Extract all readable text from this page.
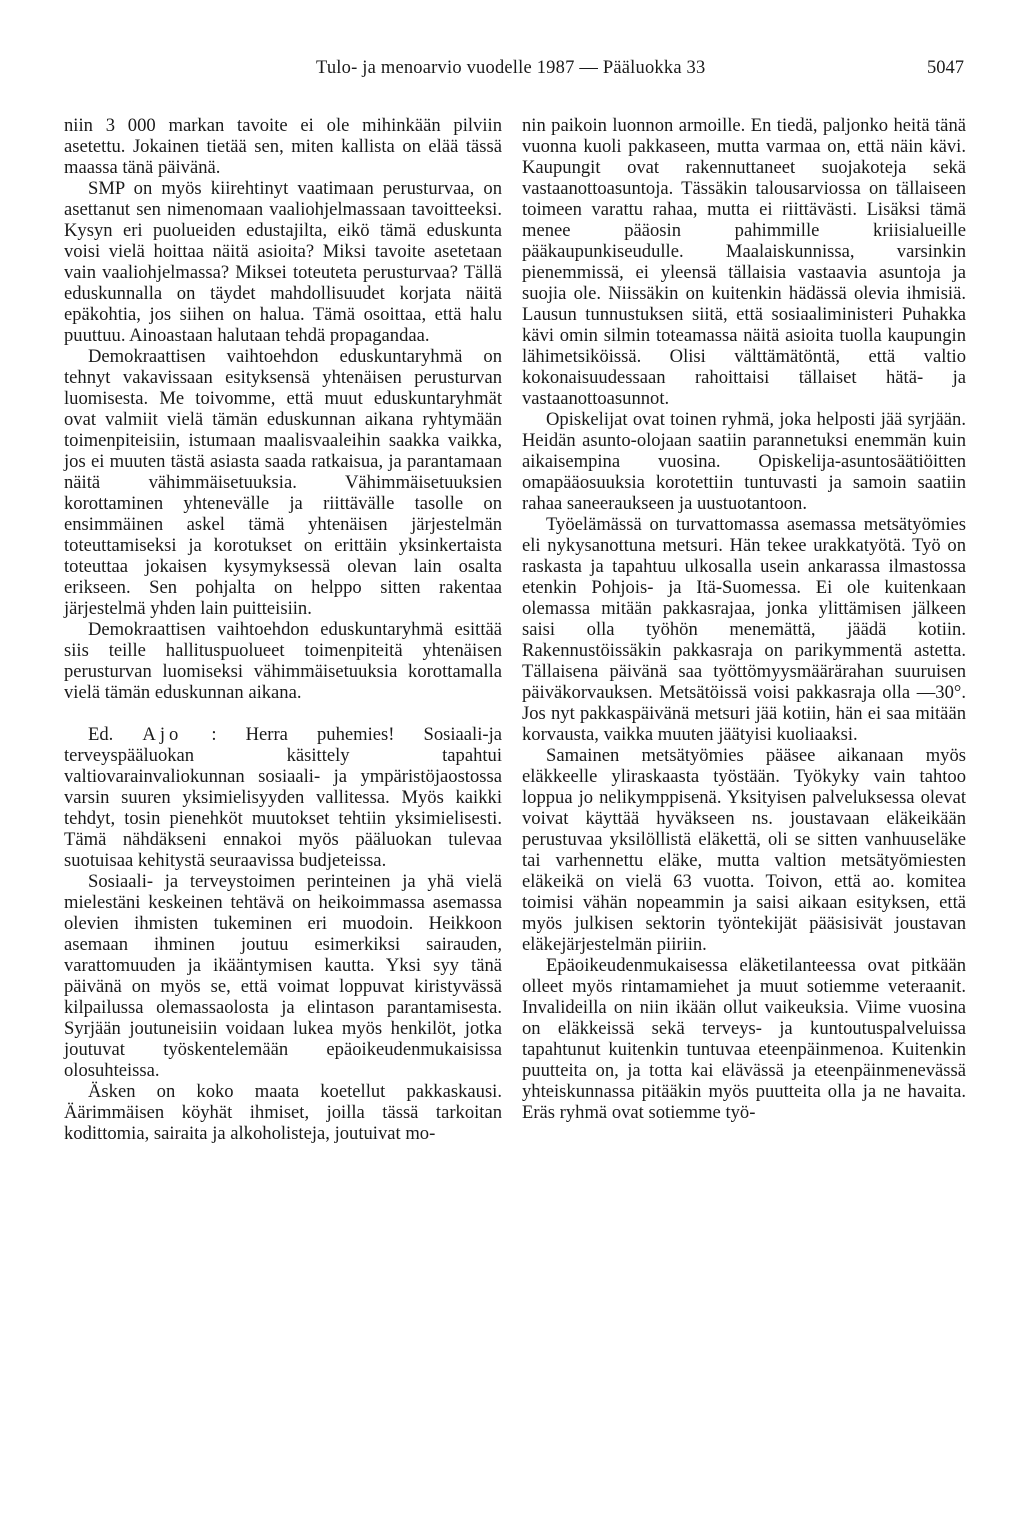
Tulo- ja menoarvio vuodelle 1987 — Pääluokka 33	5047

niin 3 000 markan tavoite ei ole mihinkään pilviin asetettu. Jokainen tietää sen, miten kallista on elää tässä maassa tänä päivänä.

SMP on myös kiirehtinyt vaatimaan perusturvaa, on asettanut sen nimenomaan vaaliohjelmassaan tavoitteeksi. Kysyn eri puolueiden edustajilta, eikö tämä eduskunta voisi vielä hoittaa näitä asioita? Miksi tavoite asetetaan vain vaaliohjelmassa? Miksei toteuteta perusturvaa? Tällä eduskunnalla on täydet mahdollisuudet korjata näitä epäkohtia, jos siihen on halua. Tämä osoittaa, että halu puuttuu. Ainoastaan halutaan tehdä propagandaa.

Demokraattisen vaihtoehdon eduskuntaryhmä on tehnyt vakavissaan esityksensä yhtenäisen perusturvan luomisesta. Me toivomme, että muut eduskuntaryhmät ovat valmiit vielä tämän eduskunnan aikana ryhtymään toimenpiteisiin, istumaan maalisvaaleihin saakka vaikka, jos ei muuten tästä asiasta saada ratkaisua, ja parantamaan näitä vähimmäisetuuksia. Vähimmäisetuuksien korottaminen yhtenevälle ja riittävälle tasolle on ensimmäinen askel tämä yhtenäisen järjestelmän toteuttamiseksi ja korotukset on erittäin yksinkertaista toteuttaa jokaisen kysymyksessä olevan lain osalta erikseen. Sen pohjalta on helppo sitten rakentaa järjestelmä yhden lain puitteisiin.

Demokraattisen vaihtoehdon eduskuntaryhmä esittää siis teille hallituspuolueet toimenpiteitä yhtenäisen perusturvan luomiseksi vähimmäisetuuksia korottamalla vielä tämän eduskunnan aikana.

Ed. Ajo : Herra puhemies! Sosiaali-ja terveyspääluokan käsittely tapahtui valtiovarainvaliokunnan sosiaali- ja ympäristöjaostossa varsin suuren yksimielisyyden vallitessa. Myös kaikki tehdyt, tosin pienehköt muutokset tehtiin yksimielisesti. Tämä nähdäkseni ennakoi myös pääluokan tulevaa suotuisaa kehitystä seuraavissa budjeteissa.

Sosiaali- ja terveystoimen perinteinen ja yhä vielä mielestäni keskeinen tehtävä on heikoimmassa asemassa olevien ihmisten tukeminen eri muodoin. Heikkoon asemaan ihminen joutuu esimerkiksi sairauden, varattomuuden ja ikääntymisen kautta. Yksi syy tänä päivänä on myös se, että voimat loppuvat kiristyvässä kilpailussa olemassaolosta ja elintason parantamisesta. Syrjään joutuneisiin voidaan lukea myös henkilöt, jotka joutuvat työskentelemään epäoikeudenmukaisissa olosuhteissa.

Äsken on koko maata koetellut pakkaskausi. Äärimmäisen köyhät ihmiset, joilla tässä tarkoitan kodittomia, sairaita ja alkoholisteja, joutuivat mo-

nin paikoin luonnon armoille. En tiedä, paljonko heitä tänä vuonna kuoli pakkaseen, mutta varmaa on, että näin kävi. Kaupungit ovat rakennuttaneet suojakoteja sekä vastaanottoasuntoja. Tässäkin talousarviossa on tällaiseen toimeen varattu rahaa, mutta ei riittävästi. Lisäksi tämä menee pääosin pahimmille kriisialueille pääkaupunkiseudulle. Maalaiskunnissa, varsinkin pienemmissä, ei yleensä tällaisia vastaavia asuntoja ja suojia ole. Niissäkin on kuitenkin hädässä olevia ihmisiä. Lausun tunnustuksen siitä, että sosiaaliministeri Puhakka kävi omin silmin toteamassa näitä asioita tuolla kaupungin lähimetsiköissä. Olisi välttämätöntä, että valtio kokonaisuudessaan rahoittaisi tällaiset hätä- ja vastaanottoasunnot.

Opiskelijat ovat toinen ryhmä, joka helposti jää syrjään. Heidän asunto-olojaan saatiin parannetuksi enemmän kuin aikaisempina vuosina. Opiskelija-asuntosäätiöitten omapääosuuksia korotettiin tuntuvasti ja samoin saatiin rahaa saneeraukseen ja uustuotantoon.

Työelämässä on turvattomassa asemassa metsätyömies eli nykysanottuna metsuri. Hän tekee urakkatyötä. Työ on raskasta ja tapahtuu ulkosalla usein ankarassa ilmastossa etenkin Pohjois- ja Itä-Suomessa. Ei ole kuitenkaan olemassa mitään pakkasrajaa, jonka ylittämisen jälkeen saisi olla työhön menemättä, jäädä kotiin. Rakennustöissäkin pakkasraja on parikymmentä astetta. Tällaisena päivänä saa työttömyysmäärärahan suuruisen päiväkorvauksen. Metsätöissä voisi pakkasraja olla —30°. Jos nyt pakkaspäivänä metsuri jää kotiin, hän ei saa mitään korvausta, vaikka muuten jäätyisi kuoliaaksi.

Samainen metsätyömies pääsee aikanaan myös eläkkeelle yliraskaasta työstään. Työkyky vain tahtoo loppua jo nelikymppisenä. Yksityisen palveluksessa olevat voivat käyttää hyväkseen ns. joustavaan eläkeikään perustuvaa yksilöllistä eläkettä, oli se sitten vanhuuseläke tai varhennettu eläke, mutta valtion metsätyömiesten eläkeikä on vielä 63 vuotta. Toivon, että ao. komitea toimisi vähän nopeammin ja saisi aikaan esityksen, että myös julkisen sektorin työntekijät pääsisivät joustavan eläkejärjestelmän piiriin.

Epäoikeudenmukaisessa eläketilanteessa ovat pitkään olleet myös rintamamiehet ja muut sotiemme veteraanit. Invalideilla on niin ikään ollut vaikeuksia. Viime vuosina on eläkkeissä sekä terveys- ja kuntoutuspalveluissa tapahtunut kuitenkin tuntuvaa eteenpäinmenoa. Kuitenkin puutteita on, ja totta kai elävässä ja eteenpäinmenevässä yhteiskunnassa pitääkin myös puutteita olla ja ne havaita. Eräs ryhmä ovat sotiemme työ-
